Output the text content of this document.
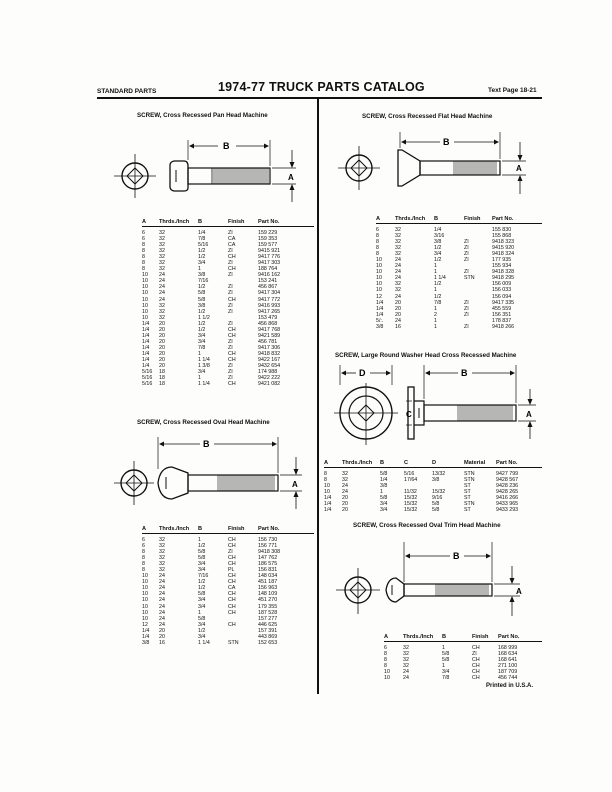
STANDARD PARTS	1974-77 TRUCK PARTS CATALOG	Text Page 18-21
SCREW, Cross Recessed Pan Head Machine
B
A
A	Thrds./Inch	B	Finish	Part No.
6	32	1/4	ZI	159 229
6	32	7/8	CA	159 353
8	32	5/16	CA	159 577
8	32	1/2	ZI	9415 921
8	32	1/2	CH	9417 776
8	32	3/4	ZI	9417 303
8	32	1	CH	188 764
10	24	3/8	ZI	9416 162
10	24	7/16		153 241
10	24	1/2	ZI	456 867
10	24	5/8	ZI	9417 304
10	24	5/8	CH	9417 772
10	32	3/8	ZI	9416 993
10	32	1/2	ZI	9417 265
10	32	1 1/2		153 479
1/4	20	1/2	ZI	456 868
1/4	20	1/2	CH	9417 768
1/4	20	3/4	CH	9421 589
1/4	20	3/4	ZI	456 781
1/4	20	7/8	ZI	9417 306
1/4	20	1	CH	9418 832
1/4	20	1 1/4	CH	9422 167
1/4	20	1 3/8	ZI	9432 654
5/16	18	3/4	ZI	174 988
5/16	18	1	ZI	9422 222
5/16	18	1 1/4	CH	9421 082
SCREW, Cross Recessed Oval Head Machine
B
A
A	Thrds./Inch	B	Finish	Part No.
6	32	1	CH	156 730
6	32	1/2	CH	156 771
8	32	5/8	ZI	9418 308
8	32	5/8	CH	147 762
8	32	3/4	CH	186 575
8	32	3/4	PL	156 831
10	24	7/16	CH	148 034
10	24	1/2	CH	451 187
10	24	1/2	CA	156 963
10	24	5/8	CH	148 109
10	24	3/4	CH	451 270
10	24	3/4	CH	179 355
10	24	1	CH	187 528
10	24	5/8		157 277
12	24	3/4	CH	446 625
1/4	20	1/2		157 391
1/4	20	3/4		443 869
3/8	16	1 1/4	STN	152 653
SCREW, Cross Recessed Flat Head Machine
B
A
A	Thrds./Inch	B	Finish	Part No.
6	32	1/4		155 830
8	32	3/16		155 868
8	32	3/8	ZI	9418 323
8	32	1/2	ZI	9415 920
8	32	3/4	ZI	9418 324
10	24	1/2	ZI	177 935
10	24	1		155 934
10	24	1	ZI	9418 328
10	24	1 1/4	STN	9418 295
10	32	1/2		156 009
10	32	1		156 033
12	24	1/2		156 094
1/4	20	7/8	ZI	9417 335
1/4	20	1	ZI	455 559
1/4	20	2	ZI	156 351
5/:.	24	1		178 837
3/8	16	1	ZI	9418 266
SCREW, Large Round Washer Head Cross Recessed Machine
D
C
B
A
A	Thrds./Inch	B	C	D	Material	Part No.
8	32	5/8	5/16	13/32	STN	9427 799
8	32	1/4	17/64	3/8	STN	9428 567
10	24	3/8			ST	9428 236
10	24	1	11/32	15/32	ST	9428 265
1/4	20	5/8	15/32	9/16	ST	9416 266
1/4	20	3/4	15/32	5/8	STN	9433 965
1/4	20	3/4	15/32	5/8	ST	9433 293
SCREW, Cross Recessed Oval Trim Head Machine
B
A
A	Thrds./Inch	B	Finish	Part No.
6	32	1	CH	168 999
8	32	5/8	ZI	168 634
8	32	5/8	CH	168 641
8	32	1	CH	271 100
10	24	3/4	CH	187 709
10	24	7/8	CH	456 744
Printed in U.S.A.
